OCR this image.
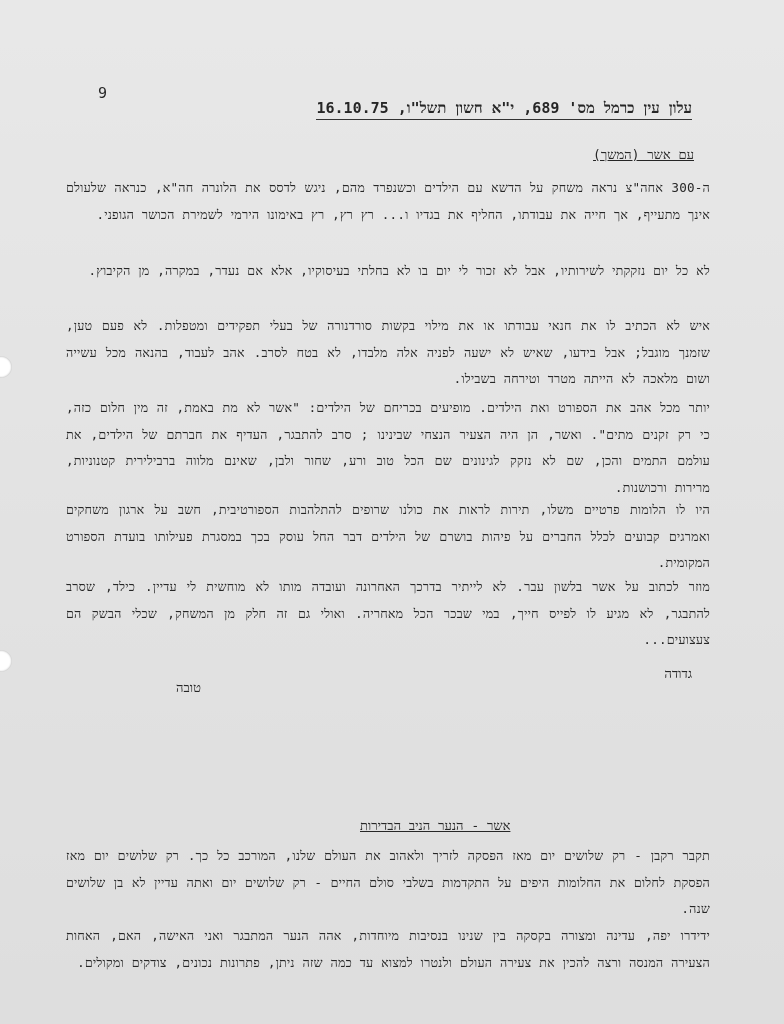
9
עלון עין כרמל מס' 689, י"א חשון תשל"ו, 16.10.75
עם אשר (המשך)
ה-300 אחה"צ נראה משחק על הדשא עם הילדים וכשנפרד מהם, ניגש לדסס את הלונרה חה"א, כנראה שלעולם אינך מתעייף, אך חייה את עבודתו, החליף את בגדיו ו... רץ רץ, רץ באימונו הירמי לשמירת הכושר הגופני.
לא כל יום נזקקתי לשירותיו, אבל לא זכור לי יום בו לא בחלתי בעיסוקיו, אלא אם נעדר, במקרה, מן הקיבוץ.
איש לא הכתיב לו את חנאי עבודתו או את מילוי בקשות סורדנורה של בעלי תפקידים ומטפלות. לא פעם טען, שזמנך מוגבל; אבל בידעו, שאיש לא ישעה לפניה אלה מלבדו, לא בטח לסרב. אהב לעבוד, בהנאה מכל עשייה ושום מלאכה לא הייתה מטרד וטירחה בשבילו.
יותר מכל אהב את הספורט ואת הילדים. מופיעים בכריחם של הילדים: "אשר לא מת באמת, זה מין חלום כזה, כי רק זקנים מתים". ואשר, הן היה הצעיר הנצחי שבינינו ; סרב להתבגר, העדיף את חברתם של הילדים, את עולמם התמים והכן, שם לא נזקק לגינונים שם הכל טוב ורע, שחור ולבן, שאינם מלווה ברבילירית קטנוניות, מרירות ורכושנות.
היו לו הלומות פרטיים משלו, תירות לראות את כולנו שרופים להתלהבות הספורטיבית, חשב על ארגון משחקים ואמרגים קבועים לכלל החברים על פיהות בושרם של הילדים דבר החל עוסק בכך במסגרת פעילותו בועדת הספורט המקומית.
מוזר לכתוב על אשר בלשון עבר. לא לייתיר בדרכך האחרונה ועובדה מותו לא מוחשית לי עדיין. כילד, שסרב להתבגר, לא מגיע לו לפייס חייך, במי שבכר הכל מאחריה. ואולי גם זה חלק מן המשחק, שכלי הבשק הם צעצועים...
גדודה
טובה
אשר - הנער הניב הבדירות
תקבר רקבן - רק שלושים יום מאז הפסקה לזריך ולאהוב את העולם שלנו, המורכב כל כך. רק שלושים יום מאז הפסקת לחלום את החלומות היפים על התקדמות בשלבי סולם החיים - רק שלושים יום ואתה עדיין לא בן שלושים שנה.
ידידרו יפה, עדינה ומצורה בקסקה בין שנינו בנסיבות מיוחדות, אהה הנער המתבגר ואני האישה, האם, האחות הצעירה המנסה ורצה להכין את צעירה העולם ולנטרו למצוא עד כמה שזה ניתן, פתרונות נכונים, צודקים ומקולים.
